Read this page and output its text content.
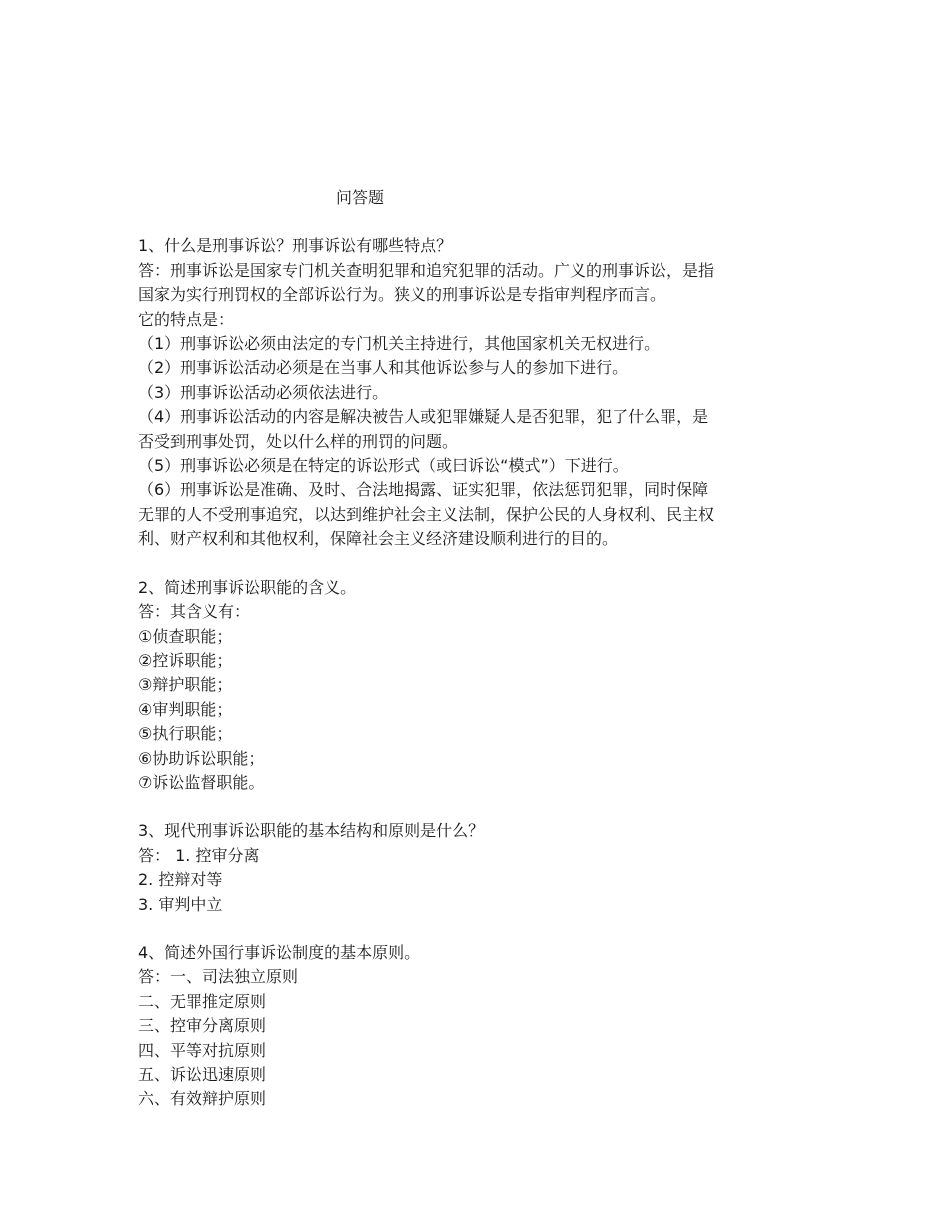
问答题
1、什么是刑事诉讼？刑事诉讼有哪些特点？
答：刑事诉讼是国家专门机关查明犯罪和追究犯罪的活动。广义的刑事诉讼，是指
国家为实行刑罚权的全部诉讼行为。狭义的刑事诉讼是专指审判程序而言。
它的特点是：
（1）刑事诉讼必须由法定的专门机关主持进行，其他国家机关无权进行。
（2）刑事诉讼活动必须是在当事人和其他诉讼参与人的参加下进行。
（3）刑事诉讼活动必须依法进行。
（4）刑事诉讼活动的内容是解决被告人或犯罪嫌疑人是否犯罪，犯了什么罪，是
否受到刑事处罚，处以什么样的刑罚的问题。
（5）刑事诉讼必须是在特定的诉讼形式（或曰诉讼“模式”）下进行。
（6）刑事诉讼是准确、及时、合法地揭露、证实犯罪，依法惩罚犯罪，同时保障
无罪的人不受刑事追究，以达到维护社会主义法制，保护公民的人身权利、民主权
利、财产权利和其他权利，保障社会主义经济建设顺利进行的目的。
2、简述刑事诉讼职能的含义。
答：其含义有：
①侦查职能；
②控诉职能；
③辩护职能；
④审判职能；
⑤执行职能；
⑥协助诉讼职能；
⑦诉讼监督职能。
3、现代刑事诉讼职能的基本结构和原则是什么？
答： 1. 控审分离
2. 控辩对等
3. 审判中立
4、简述外国行事诉讼制度的基本原则。
答：一、司法独立原则
二、无罪推定原则
三、控审分离原则
四、平等对抗原则
五、诉讼迅速原则
六、有效辩护原则
